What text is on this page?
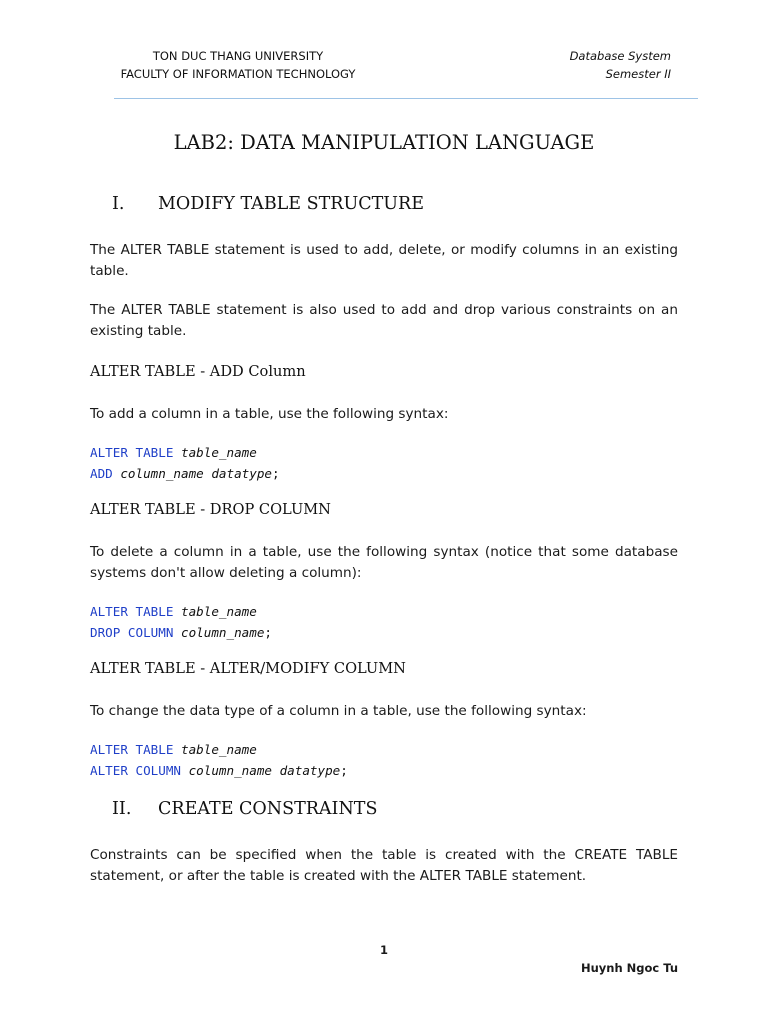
TON DUC THANG UNIVERSITY
FACULTY OF INFORMATION TECHNOLOGY
Database System
Semester II
LAB2: DATA MANIPULATION LANGUAGE
I. MODIFY TABLE STRUCTURE
The ALTER TABLE statement is used to add, delete, or modify columns in an existing table.
The ALTER TABLE statement is also used to add and drop various constraints on an existing table.
ALTER TABLE - ADD Column
To add a column in a table, use the following syntax:
ALTER TABLE table_name
ADD column_name datatype;
ALTER TABLE - DROP COLUMN
To delete a column in a table, use the following syntax (notice that some database systems don't allow deleting a column):
ALTER TABLE table_name
DROP COLUMN column_name;
ALTER TABLE - ALTER/MODIFY COLUMN
To change the data type of a column in a table, use the following syntax:
ALTER TABLE table_name
ALTER COLUMN column_name datatype;
II. CREATE CONSTRAINTS
Constraints can be specified when the table is created with the CREATE TABLE statement, or after the table is created with the ALTER TABLE statement.
1
Huynh Ngoc Tu
